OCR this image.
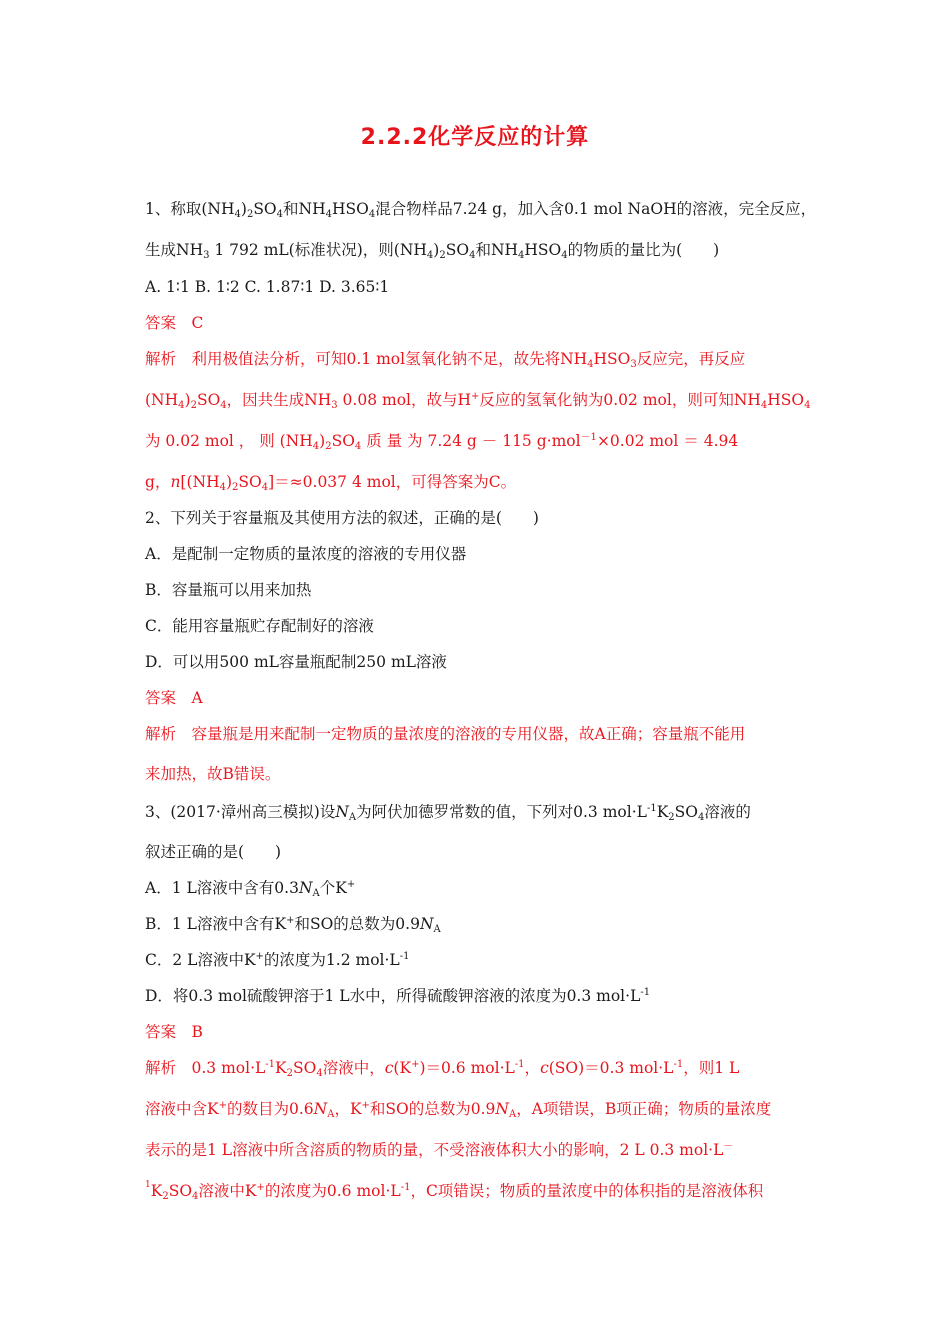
2.2.2化学反应的计算
1、称取$(NH_4)_2SO_4$和$NH_4HSO_4$混合物样品7.24 g，加入含0.1 mol NaOH的溶液，完全反应，
生成$NH_3$ 1 792 mL(标准状况)，则$(NH_4)_2SO_4$和$NH_4HSO_4$的物质的量比为(　　)
A. 1∶1 B. 1∶2 C. 1.87∶1 D. 3.65∶1
答案　C
解析　利用极值法分析，可知0.1 mol氢氧化钠不足，故先将$NH_4HSO_3$反应完，再反应
$(NH_4)_2SO_4$，因共生成$NH_3$ 0.08 mol，故与H+反应的氢氧化钠为0.02 mol，则可知$NH_4HSO_4$
为 0.02 mol ， 则 $(NH_4)_2SO_4$ 质 量 为 7.24 g － 115 g·mol$^{-1}$×0.02 mol ＝ 4.94
g，$n[(NH_4)_2SO_4]=\approx 0.037$ 4 mol，可得答案为C。
2、下列关于容量瓶及其使用方法的叙述，正确的是(　　)
A．是配制一定物质的量浓度的溶液的专用仪器
B．容量瓶可以用来加热
C．能用容量瓶贮存配制好的溶液
D．可以用500 mL容量瓶配制250 mL溶液
答案　A
解析　容量瓶是用来配制一定物质的量浓度的溶液的专用仪器，故A正确；容量瓶不能用
来加热，故B错误。
3、(2017·漳州高三模拟)设$N_A$为阿伏加德罗常数的值，下列对0.3 $mol\cdot L^{-1}K_2SO_4$溶液的
叙述正确的是(　　)
A．1 L溶液中含有$0.3N_A$个K+
B．1 L溶液中含有K+和SO的总数为$0.9N_A$
C．2 L溶液中K+的浓度为1.2 $mol\cdot L^{-1}$
D．将0.3 mol硫酸钾溶于1 L水中，所得硫酸钾溶液的浓度为0.3 $mol\cdot L^{-1}$
答案　B
解析　0.3 $mol\cdot L^{-1}K_2SO_4$溶液中，c(K+)＝0.6 $mol\cdot L^{-1}$，c(SO)＝0.3 $mol\cdot L^{-1}$，则1 L
溶液中含K+的数目为$0.6N_A$，K+和SO的总数为$0.9N_A$，A项错误，B项正确；物质的量浓度
表示的是1 L溶液中所含溶质的物质的量，不受溶液体积大小的影响，2 L 0.3 mol·L－
$^1K_2SO_4$溶液中K+的浓度为0.6 $mol\cdot L^{-1}$，C项错误；物质的量浓度中的体积指的是溶液体积
